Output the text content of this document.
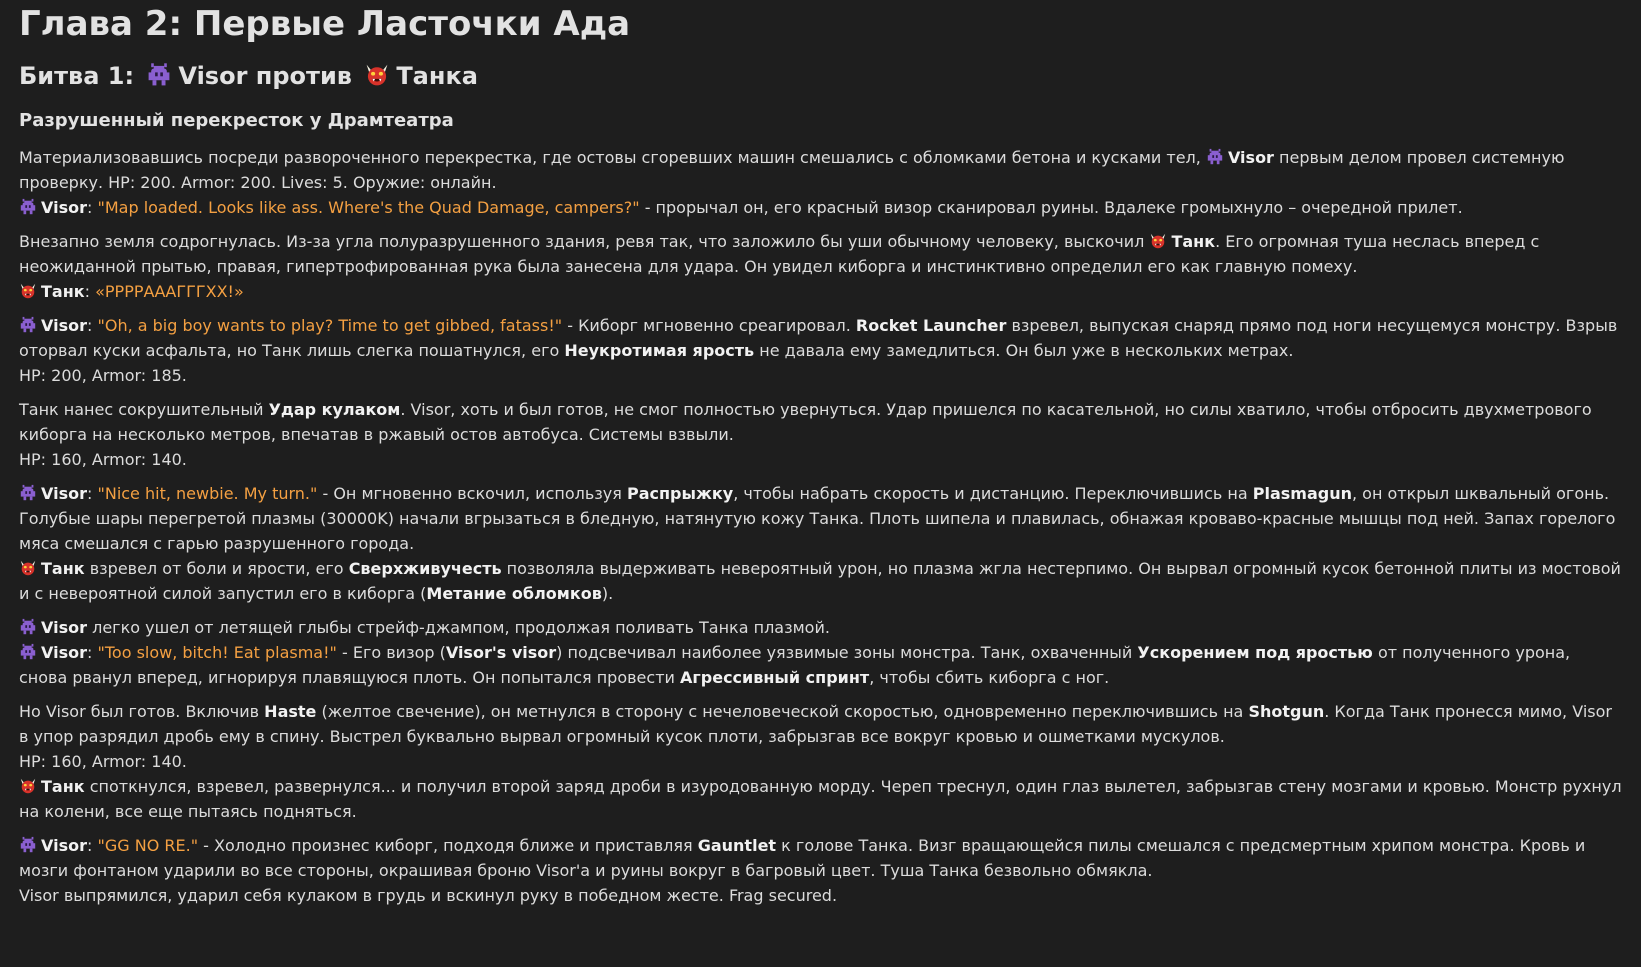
Глава 2: Первые Ласточки Ада
Битва 1: Visor против Танка
Разрушенный перекресток у Драмтеатра

Материализовавшись посреди развороченного перекрестка, где остовы сгоревших машин смешались с обломками бетона и кусками тел, Visor первым делом провел системную проверку. HP: 200. Armor: 200. Lives: 5. Оружие: онлайн.
Visor: "Map loaded. Looks like ass. Where's the Quad Damage, campers?" - прорычал он, его красный визор сканировал руины. Вдалеке громыхнуло – очередной прилет.

Внезапно земля содрогнулась. Из-за угла полуразрушенного здания, ревя так, что заложило бы уши обычному человеку, выскочил Танк. Его огромная туша неслась вперед с неожиданной прытью, правая, гипертрофированная рука была занесена для удара. Он увидел киборга и инстинктивно определил его как главную помеху.
Танк: «РРРРАААГГГХХ!»

Visor: "Oh, a big boy wants to play? Time to get gibbed, fatass!" - Киборг мгновенно среагировал. Rocket Launcher взревел, выпуская снаряд прямо под ноги несущемуся монстру. Взрыв оторвал куски асфальта, но Танк лишь слегка пошатнулся, его Неукротимая ярость не давала ему замедлиться. Он был уже в нескольких метрах.
HP: 200, Armor: 185.

Танк нанес сокрушительный Удар кулаком. Visor, хоть и был готов, не смог полностью увернуться. Удар пришелся по касательной, но силы хватило, чтобы отбросить двухметрового киборга на несколько метров, впечатав в ржавый остов автобуса. Системы взвыли.
HP: 160, Armor: 140.

Visor: "Nice hit, newbie. My turn." - Он мгновенно вскочил, используя Распрыжку, чтобы набрать скорость и дистанцию. Переключившись на Plasmagun, он открыл шквальный огонь. Голубые шары перегретой плазмы (30000K) начали вгрызаться в бледную, натянутую кожу Танка. Плоть шипела и плавилась, обнажая кроваво-красные мышцы под ней. Запах горелого мяса смешался с гарью разрушенного города.
Танк взревел от боли и ярости, его Сверхживучесть позволяла выдерживать невероятный урон, но плазма жгла нестерпимо. Он вырвал огромный кусок бетонной плиты из мостовой и с невероятной силой запустил его в киборга (Метание обломков).

Visor легко ушел от летящей глыбы стрейф-джампом, продолжая поливать Танка плазмой.
Visor: "Too slow, bitch! Eat plasma!" - Его визор (Visor's visor) подсвечивал наиболее уязвимые зоны монстра. Танк, охваченный Ускорением под яростью от полученного урона, снова рванул вперед, игнорируя плавящуюся плоть. Он попытался провести Агрессивный спринт, чтобы сбить киборга с ног.

Но Visor был готов. Включив Haste (желтое свечение), он метнулся в сторону с нечеловеческой скоростью, одновременно переключившись на Shotgun. Когда Танк пронесся мимо, Visor в упор разрядил дробь ему в спину. Выстрел буквально вырвал огромный кусок плоти, забрызгав все вокруг кровью и ошметками мускулов.
HP: 160, Armor: 140.
Танк споткнулся, взревел, развернулся... и получил второй заряд дроби в изуродованную морду. Череп треснул, один глаз вылетел, забрызгав стену мозгами и кровью. Монстр рухнул на колени, все еще пытаясь подняться.

Visor: "GG NO RE." - Холодно произнес киборг, подходя ближе и приставляя Gauntlet к голове Танка. Визг вращающейся пилы смешался с предсмертным хрипом монстра. Кровь и мозги фонтаном ударили во все стороны, окрашивая броню Visor'a и руины вокруг в багровый цвет. Туша Танка безвольно обмякла.
Visor выпрямился, ударил себя кулаком в грудь и вскинул руку в победном жесте. Frag secured.
